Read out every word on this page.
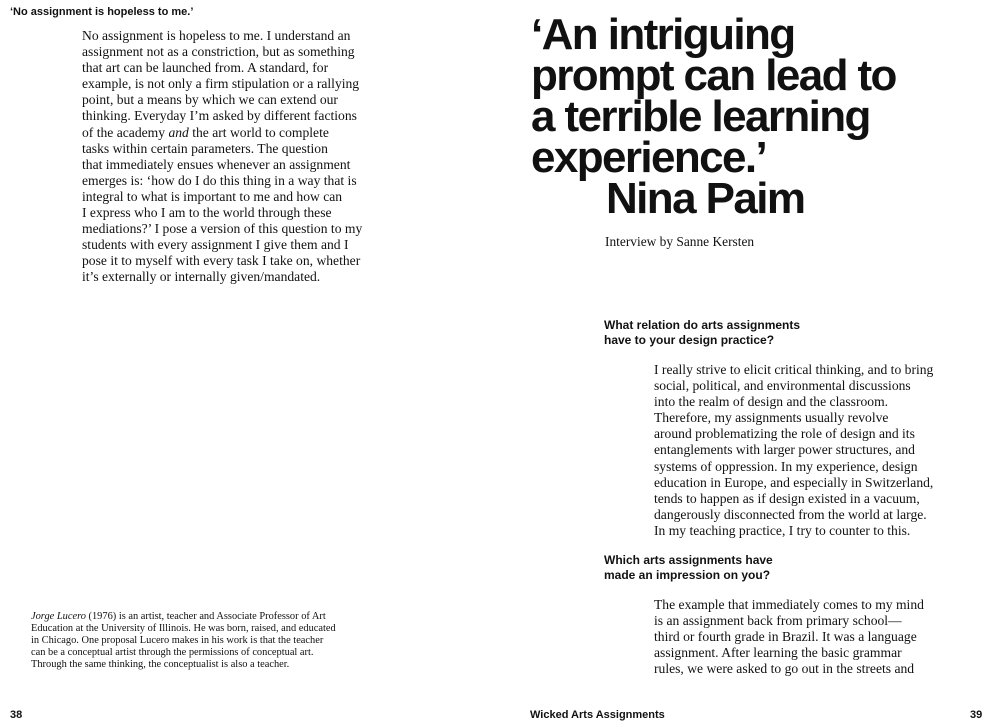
‘No assignment is hopeless to me.’

No assignment is hopeless to me. I understand an
assignment not as a constriction, but as something
that art can be launched from. A standard, for
example, is not only a firm stipulation or a rallying
point, but a means by which we can extend our
thinking. Everyday I’m asked by different factions
of the academy and the art world to complete
tasks within certain parameters. The question
that immediately ensues whenever an assignment
emerges is: ‘how do I do this thing in a way that is
integral to what is important to me and how can
I express who I am to the world through these
mediations?’ I pose a version of this question to my
students with every assignment I give them and I
pose it to myself with every task I take on, whether
it’s externally or internally given/mandated.

Jorge Lucero (1976) is an artist, teacher and Associate Professor of Art
Education at the University of Illinois. He was born, raised, and educated
in Chicago. One proposal Lucero makes in his work is that the teacher
can be a conceptual artist through the permissions of conceptual art.
Through the same thinking, the conceptualist is also a teacher.

38
‘An intriguing
prompt can lead to
a terrible learning
experience.’
Nina Paim
Interview by Sanne Kersten
What relation do arts assignments
have to your design practice?

I really strive to elicit critical thinking, and to bring
social, political, and environmental discussions
into the realm of design and the classroom.
Therefore, my assignments usually revolve
around problematizing the role of design and its
entanglements with larger power structures, and
systems of oppression. In my experience, design
education in Europe, and especially in Switzerland,
tends to happen as if design existed in a vacuum,
dangerously disconnected from the world at large.
In my teaching practice, I try to counter to this.

Which arts assignments have
made an impression on you?

The example that immediately comes to my mind
is an assignment back from primary school—
third or fourth grade in Brazil. It was a language
assignment. After learning the basic grammar
rules, we were asked to go out in the streets and

Wicked Arts Assignments	39
